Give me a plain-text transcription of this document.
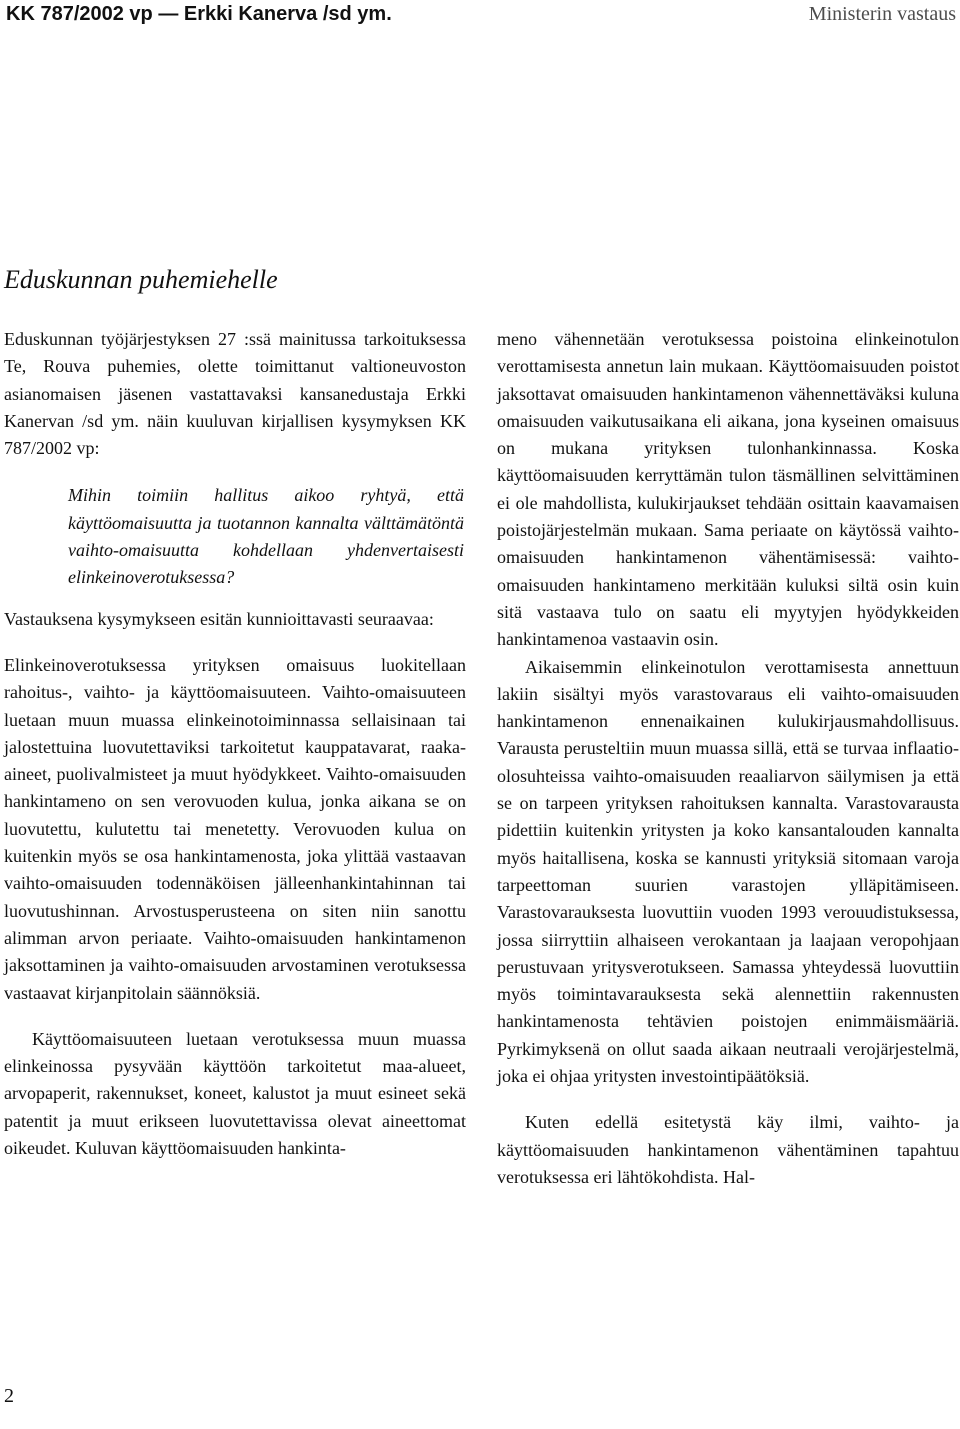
KK 787/2002 vp — Erkki Kanerva /sd ym.	Ministerin vastaus
Eduskunnan puhemiehelle

Eduskunnan työjärjestyksen 27 :ssä mainitussa tarkoituksessa Te, Rouva puhemies, olette toimittanut valtioneuvoston asianomaisen jäsenen vastattavaksi kansanedustaja Erkki Kanervan /sd ym. näin kuuluvan kirjallisen kysymyksen KK 787/2002 vp:

Mihin toimiin hallitus aikoo ryhtyä, että käyttöomaisuutta ja tuotannon kannalta välttämätöntä vaihto-omaisuutta kohdellaan yhdenvertaisesti elinkeinoverotuksessa?

Vastauksena kysymykseen esitän kunnioittavasti seuraavaa:

Elinkeinoverotuksessa yrityksen omaisuus luokitellaan rahoitus-, vaihto- ja käyttöomaisuuteen. Vaihto-omaisuuteen luetaan muun muassa elinkeinotoiminnassa sellaisinaan tai jalostettuina luovutettaviksi tarkoitetut kauppatavarat, raaka-aineet, puolivalmisteet ja muut hyödykkeet. Vaihto-omaisuuden hankintameno on sen verovuoden kulua, jonka aikana se on luovutettu, kulutettu tai menetetty. Verovuoden kulua on kuitenkin myös se osa hankintamenosta, joka ylittää vastaavan vaihto-omaisuuden todennäköisen jälleenhankintahinnan tai luovutushinnan. Arvostusperusteena on siten niin sanottu alimman arvon periaate. Vaihto-omaisuuden hankintamenon jaksottaminen ja vaihto-omaisuuden arvostaminen verotuksessa vastaavat kirjanpitolain säännöksiä.

Käyttöomaisuuteen luetaan verotuksessa muun muassa elinkeinossa pysyvään käyttöön tarkoitetut maa-alueet, arvopaperit, rakennukset, koneet, kalustot ja muut esineet sekä patentit ja muut erikseen luovutettavissa olevat aineettomat oikeudet. Kuluvan käyttöomaisuuden hankinta-

meno vähennetään verotuksessa poistoina elinkeinotulon verottamisesta annetun lain mukaan. Käyttöomaisuuden poistot jaksottavat omaisuuden hankintamenon vähennettäväksi kuluna omaisuuden vaikutusaikana eli aikana, jona kyseinen omaisuus on mukana yrityksen tulonhankinnassa. Koska käyttöomaisuuden kerryttämän tulon täsmällinen selvittäminen ei ole mahdollista, kulukirjaukset tehdään osittain kaavamaisen poistojärjestelmän mukaan. Sama periaate on käytössä vaihto-omaisuuden hankintamenon vähentämisessä: vaihto-omaisuuden hankintameno merkitään kuluksi siltä osin kuin sitä vastaava tulo on saatu eli myytyjen hyödykkeiden hankintamenoa vastaavin osin.

Aikaisemmin elinkeinotulon verottamisesta annettuun lakiin sisältyi myös varastovaraus eli vaihto-omaisuuden hankintamenon ennenaikainen kulukirjausmahdollisuus. Varausta perusteltiin muun muassa sillä, että se turvaa inflaatio-olosuhteissa vaihto-omaisuuden reaaliarvon säilymisen ja että se on tarpeen yrityksen rahoituksen kannalta. Varastovarausta pidettiin kuitenkin yritysten ja koko kansantalouden kannalta myös haitallisena, koska se kannusti yrityksiä sitomaan varoja tarpeettoman suurien varastojen ylläpitämiseen. Varastovarauksesta luovuttiin vuoden 1993 verouudistuksessa, jossa siirryttiin alhaiseen verokantaan ja laajaan veropohjaan perustuvaan yritysverotukseen. Samassa yhteydessä luovuttiin myös toimintavarauksesta sekä alennettiin rakennusten hankintamenosta tehtävien poistojen enimmäismääriä. Pyrkimyksenä on ollut saada aikaan neutraali verojärjestelmä, joka ei ohjaa yritysten investointipäätöksiä.

Kuten edellä esitetystä käy ilmi, vaihto- ja käyttöomaisuuden hankintamenon vähentäminen tapahtuu verotuksessa eri lähtökohdista. Hal-

2
